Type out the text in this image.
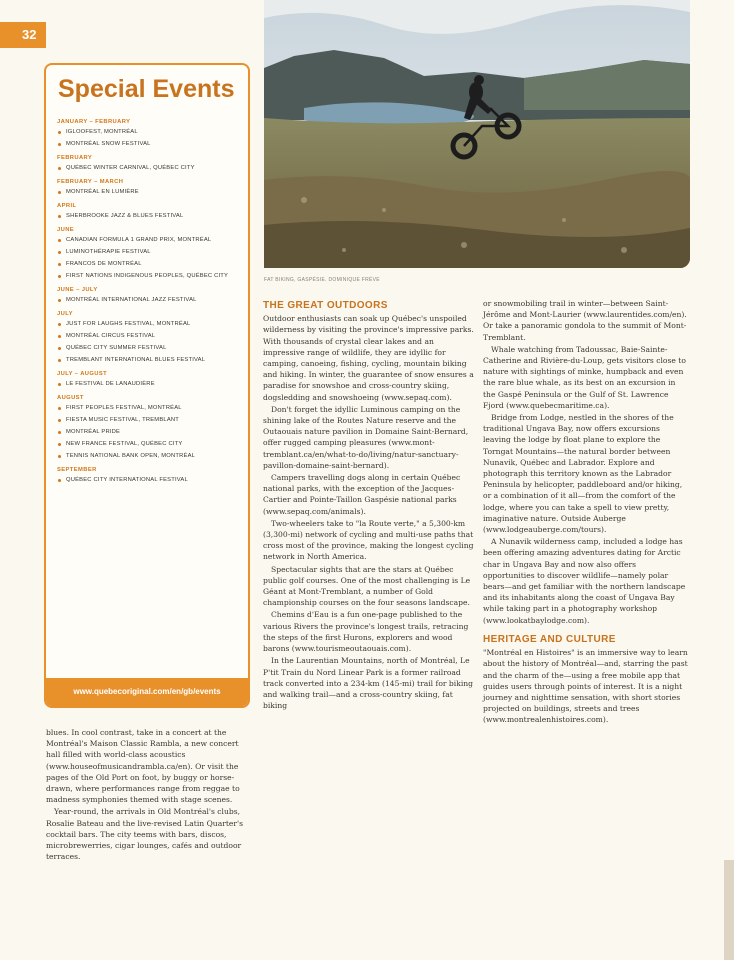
32
Special Events
JANUARY – FEBRUARY
IGLOOFEST, MONTRÉAL
MONTRÉAL SNOW FESTIVAL
FEBRUARY
QUÉBEC WINTER CARNIVAL, QUÉBEC CITY
FEBRUARY – MARCH
MONTRÉAL EN LUMIÈRE
APRIL
SHERBROOKE JAZZ & BLUES FESTIVAL
JUNE
CANADIAN FORMULA 1 GRAND PRIX, MONTRÉAL
LUMINOTHÉRAPIE FESTIVAL
FRANCOS DE MONTRÉAL
FIRST NATIONS INDIGENOUS PEOPLES, QUÉBEC CITY
JUNE – JULY
MONTRÉAL INTERNATIONAL JAZZ FESTIVAL
JULY
JUST FOR LAUGHS FESTIVAL, MONTRÉAL
MONTRÉAL CIRCUS FESTIVAL
QUÉBEC CITY SUMMER FESTIVAL
TREMBLANT INTERNATIONAL BLUES FESTIVAL
JULY – AUGUST
LE FESTIVAL DE LANAUDIÈRE
AUGUST
FIRST PEOPLES FESTIVAL, MONTRÉAL
FIESTA MUSIC FESTIVAL, TREMBLANT
MONTRÉAL PRIDE
NEW FRANCE FESTIVAL, QUÉBEC CITY
TENNIS NATIONAL BANK OPEN, MONTRÉAL
SEPTEMBER
QUÉBEC CITY INTERNATIONAL FESTIVAL
www.quebecoriginal.com/en/gb/events
FAT BIKING, GASPÉSIE. DOMINIQUE FRÉVE

blues. In cool contrast, take in a concert at the Montréal's Maison Classic Rambla, a new concert hall filled with world-class acoustics (www.houseofmusicandrambla.ca/en). Or visit the pages of the Old Port on foot, by buggy or horse-drawn, where performances range from reggae to madness symphonies themed with stage scenes.

Year-round, the arrivals in Old Montréal's clubs, Rosalie Bateau and the live-revised Latin Quarter's cocktail bars. The city teems with bars, discos, microbrewerries, cigar lounges, cafés and outdoor terraces.

THE GREAT OUTDOORS

Outdoor enthusiasts can soak up Québec's unspoiled wilderness by visiting the province's impressive parks. With thousands of crystal clear lakes and an impressive range of wildlife, they are idyllic for camping, canoeing, fishing, cycling, mountain biking and hiking. In winter, the guarantee of snow ensures a paradise for snowshoe and cross-country skiing, dogsledding and snowshoeing (www.sepaq.com).

Don't forget the idyllic Luminous camping on the shining lake of the Routes Nature reserve and the Outaouais nature pavilion in Domaine Saint-Bernard, offer rugged camping pleasures (www.mont-tremblant.ca/en/what-to-do/living/natur-sanctuary-pavillon-domaine-saint-bernard).

Campers travelling dogs along in certain Québec national parks, with the exception of the Jacques-Cartier and Pointe-Taillon Gaspésie national parks (www.sepaq.com/animals).

Two-wheelers take to "la Route verte," a 5,300-km (3,300-mi) network of cycling and multi-use paths that cross most of the province, making the longest cycling network in North America.

Spectacular sights that are the stars at Québec public golf courses. One of the most challenging is Le Géant at Mont-Tremblant, a number of Gold championship courses on the four seasons landscape.

Chemins d'Eau is a fun one-page published to the various Rivers the province's longest trails, retracing the steps of the first Hurons, explorers and wood barons (www.tourismeoutaouais.com).

In the Laurentian Mountains, north of Montréal, Le P'tit Train du Nord Linear Park is a former railroad track converted into a 234-km (145-mi) trail for biking and walking trail—and a cross-country skiing, fat biking

or snowmobiling trail in winter—between Saint-Jérôme and Mont-Laurier (www.laurentides.com/en). Or take a panoramic gondola to the summit of Mont-Tremblant.

Whale watching from Tadoussac, Baie-Sainte-Catherine and Rivière-du-Loup, gets visitors close to nature with sightings of minke, humpback and even the rare blue whale, as its best on an excursion in the Gaspé Peninsula or the Gulf of St. Lawrence Fjord (www.quebecmaritime.ca).

Bridge from Lodge, nestled in the shores of the traditional Ungava Bay, now offers excursions leaving the lodge by float plane to explore the Torngat Mountains—the natural border between Nunavik, Québec and Labrador. Explore and photograph this territory known as the Labrador Peninsula by helicopter, paddleboard and/or hiking, or a combination of it all—from the comfort of the lodge, where you can take a spell to view pretty, imaginative nature. Outside Auberge (www.lodgeauberge.com/tours).

A Nunavik wilderness camp, included a lodge has been offering amazing adventures dating for Arctic char in Ungava Bay and now also offers opportunities to discover wildlife—namely polar bears—and get familiar with the northern landscape and its inhabitants along the coast of Ungava Bay while taking part in a photography workshop (www.lookatbaylodge.com).

HERITAGE AND CULTURE

"Montréal en Histoires" is an immersive way to learn about the history of Montréal—and, starring the past and the charm of the—using a free mobile app that guides users through points of interest. It is a night journey and nighttime sensation, with short stories projected on buildings, streets and trees (www.montrealenhistoires.com).
